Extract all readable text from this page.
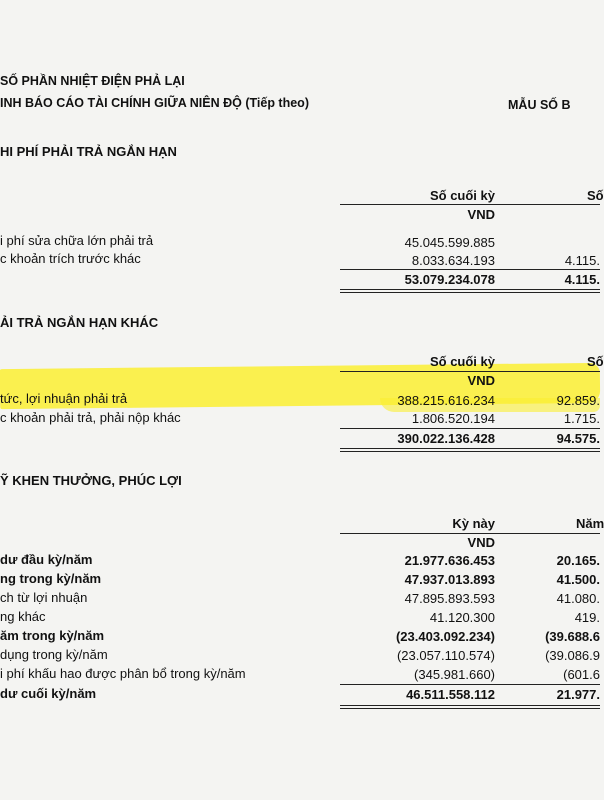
SỐ PHẦN NHIỆT ĐIỆN PHẢ LẠI
INH BÁO CÁO TÀI CHÍNH GIỮA NIÊN ĐỘ (Tiếp theo)	MẪU SỐ B
HI PHÍ PHẢI TRẢ NGẮN HẠN
Số cuối kỳ	Số
VND
i phí sửa chữa lớn phải trả	45.045.599.885
c khoản trích trước khác	8.033.634.193	4.115.
53.079.234.078	4.115.
ẢI TRẢ NGẮN HẠN KHÁC
Số cuối kỳ	Số
VND
tức, lợi nhuận phải trả	388.215.616.234	92.859.
c khoản phải trả, phải nộp khác	1.806.520.194	1.715.
390.022.136.428	94.575.
Ỹ KHEN THƯỞNG, PHÚC LỢI
Kỳ này	Năm
VND
dư đầu kỳ/năm	21.977.636.453	20.165.
ng trong kỳ/năm	47.937.013.893	41.500.
ch từ lợi nhuận	47.895.893.593	41.080.
ng khác	41.120.300	419.
ăm trong kỳ/năm	(23.403.092.234)	(39.688.6
dụng trong kỳ/năm	(23.057.110.574)	(39.086.9
i phí khấu hao được phân bổ trong kỳ/năm	(345.981.660)	(601.6
dư cuối kỳ/năm	46.511.558.112	21.977.
